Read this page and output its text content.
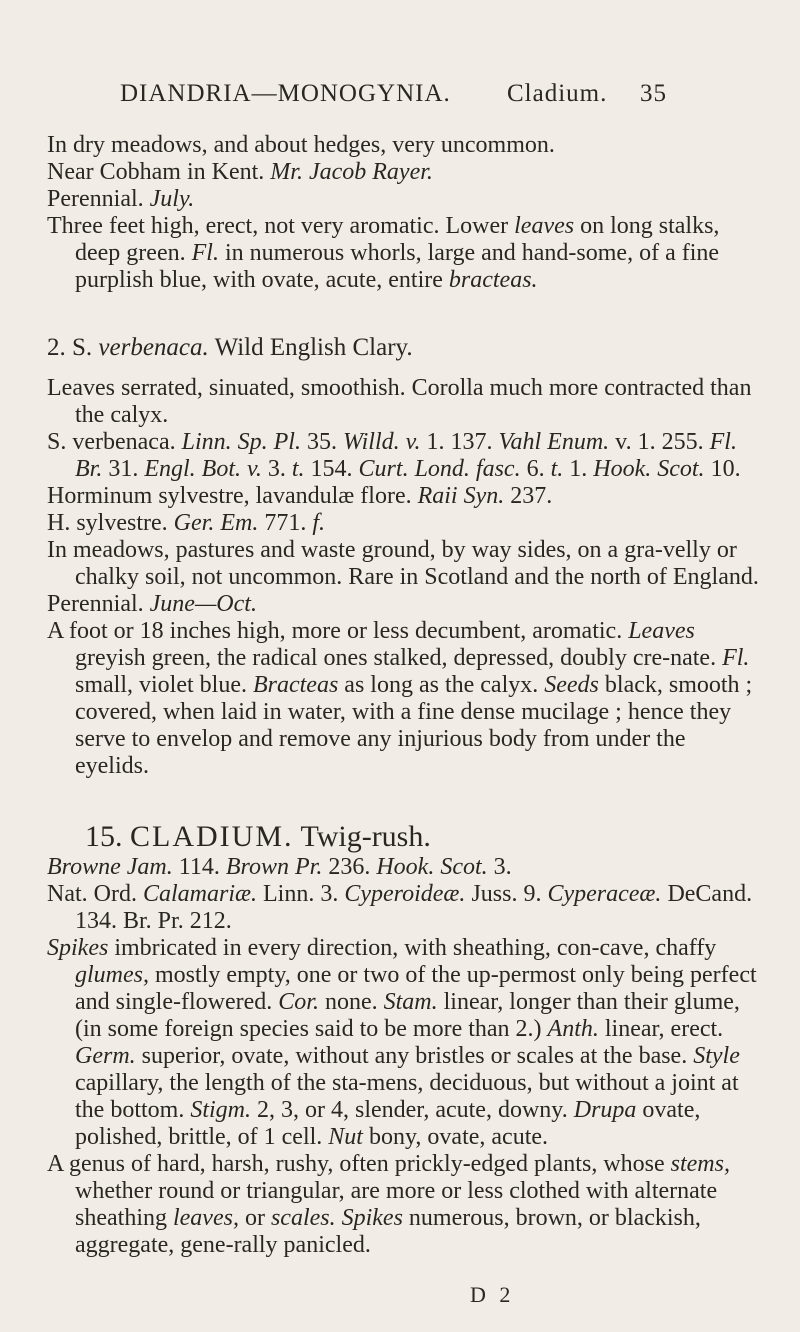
DIANDRIA—MONOGYNIA. Cladium. 35

In dry meadows, and about hedges, very uncommon.

Near Cobham in Kent. Mr. Jacob Rayer.

Perennial. July.

Three feet high, erect, not very aromatic. Lower leaves on long stalks, deep green. Fl. in numerous whorls, large and hand-some, of a fine purplish blue, with ovate, acute, entire bracteas.

2. S. verbenaca. Wild English Clary.

Leaves serrated, sinuated, smoothish. Corolla much more contracted than the calyx.

S. verbenaca. Linn. Sp. Pl. 35. Willd. v. 1. 137. Vahl Enum. v. 1. 255. Fl. Br. 31. Engl. Bot. v. 3. t. 154. Curt. Lond. fasc. 6. t. 1. Hook. Scot. 10.

Horminum sylvestre, lavandulæ flore. Raii Syn. 237.

H. sylvestre. Ger. Em. 771. f.

In meadows, pastures and waste ground, by way sides, on a gra-velly or chalky soil, not uncommon. Rare in Scotland and the north of England.

Perennial. June—Oct.

A foot or 18 inches high, more or less decumbent, aromatic. Leaves greyish green, the radical ones stalked, depressed, doubly cre-nate. Fl. small, violet blue. Bracteas as long as the calyx. Seeds black, smooth ; covered, when laid in water, with a fine dense mucilage ; hence they serve to envelop and remove any injurious body from under the eyelids.

15. CLADIUM. Twig-rush.

Browne Jam. 114. Brown Pr. 236. Hook. Scot. 3.

Nat. Ord. Calamariæ. Linn. 3. Cyperoideæ. Juss. 9. Cyperaceæ. DeCand. 134. Br. Pr. 212.

Spikes imbricated in every direction, with sheathing, con-cave, chaffy glumes, mostly empty, one or two of the up-permost only being perfect and single-flowered. Cor. none. Stam. linear, longer than their glume, (in some foreign species said to be more than 2.) Anth. linear, erect. Germ. superior, ovate, without any bristles or scales at the base. Style capillary, the length of the sta-mens, deciduous, but without a joint at the bottom. Stigm. 2, 3, or 4, slender, acute, downy. Drupa ovate, polished, brittle, of 1 cell. Nut bony, ovate, acute.

A genus of hard, harsh, rushy, often prickly-edged plants, whose stems, whether round or triangular, are more or less clothed with alternate sheathing leaves, or scales. Spikes numerous, brown, or blackish, aggregate, gene-rally panicled.

D 2
